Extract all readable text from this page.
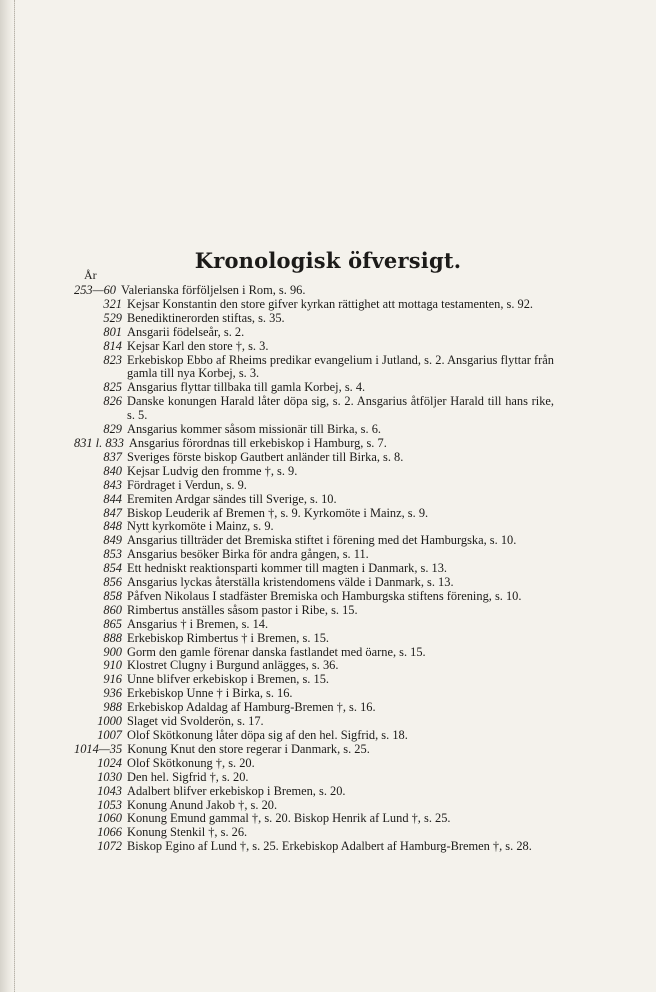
Kronologisk öfversigt.
År
253—60 Valerianska förföljelsen i Rom, s. 96.
321 Kejsar Konstantin den store gifver kyrkan rättighet att mottaga testamenten, s. 92.
529 Benediktinerorden stiftas, s. 35.
801 Ansgarii födelseår, s. 2.
814 Kejsar Karl den store †, s. 3.
823 Erkebiskop Ebbo af Rheims predikar evangelium i Jutland, s. 2. Ansgarius flyttar från gamla till nya Korbej, s. 3.
825 Ansgarius flyttar tillbaka till gamla Korbej, s. 4.
826 Danske konungen Harald låter döpa sig, s. 2. Ansgarius åtföljer Harald till hans rike, s. 5.
829 Ansgarius kommer såsom missionär till Birka, s. 6.
831 l. 833 Ansgarius förordnas till erkebiskop i Hamburg, s. 7.
837 Sveriges förste biskop Gautbert anländer till Birka, s. 8.
840 Kejsar Ludvig den fromme †, s. 9.
843 Fördraget i Verdun, s. 9.
844 Eremiten Ardgar sändes till Sverige, s. 10.
847 Biskop Leuderik af Bremen †, s. 9. Kyrkomöte i Mainz, s. 9.
848 Nytt kyrkomöte i Mainz, s. 9.
849 Ansgarius tillträder det Bremiska stiftet i förening med det Hamburgska, s. 10.
853 Ansgarius besöker Birka för andra gången, s. 11.
854 Ett hedniskt reaktionsparti kommer till magten i Danmark, s. 13.
856 Ansgarius lyckas återställa kristendomens välde i Danmark, s. 13.
858 Påfven Nikolaus I stadfäster Bremiska och Hamburgska stiftens förening, s. 10.
860 Rimbertus anställes såsom pastor i Ribe, s. 15.
865 Ansgarius † i Bremen, s. 14.
888 Erkebiskop Rimbertus † i Bremen, s. 15.
900 Gorm den gamle förenar danska fastlandet med öarne, s. 15.
910 Klostret Clugny i Burgund anlägges, s. 36.
916 Unne blifver erkebiskop i Bremen, s. 15.
936 Erkebiskop Unne † i Birka, s. 16.
988 Erkebiskop Adaldag af Hamburg-Bremen †, s. 16.
1000 Slaget vid Svolderön, s. 17.
1007 Olof Skötkonung låter döpa sig af den hel. Sigfrid, s. 18.
1014—35 Konung Knut den store regerar i Danmark, s. 25.
1024 Olof Skötkonung †, s. 20.
1030 Den hel. Sigfrid †, s. 20.
1043 Adalbert blifver erkebiskop i Bremen, s. 20.
1053 Konung Anund Jakob †, s. 20.
1060 Konung Emund gammal †, s. 20. Biskop Henrik af Lund †, s. 25.
1066 Konung Stenkil †, s. 26.
1072 Biskop Egino af Lund †, s. 25. Erkebiskop Adalbert af Hamburg-Bremen †, s. 28.
